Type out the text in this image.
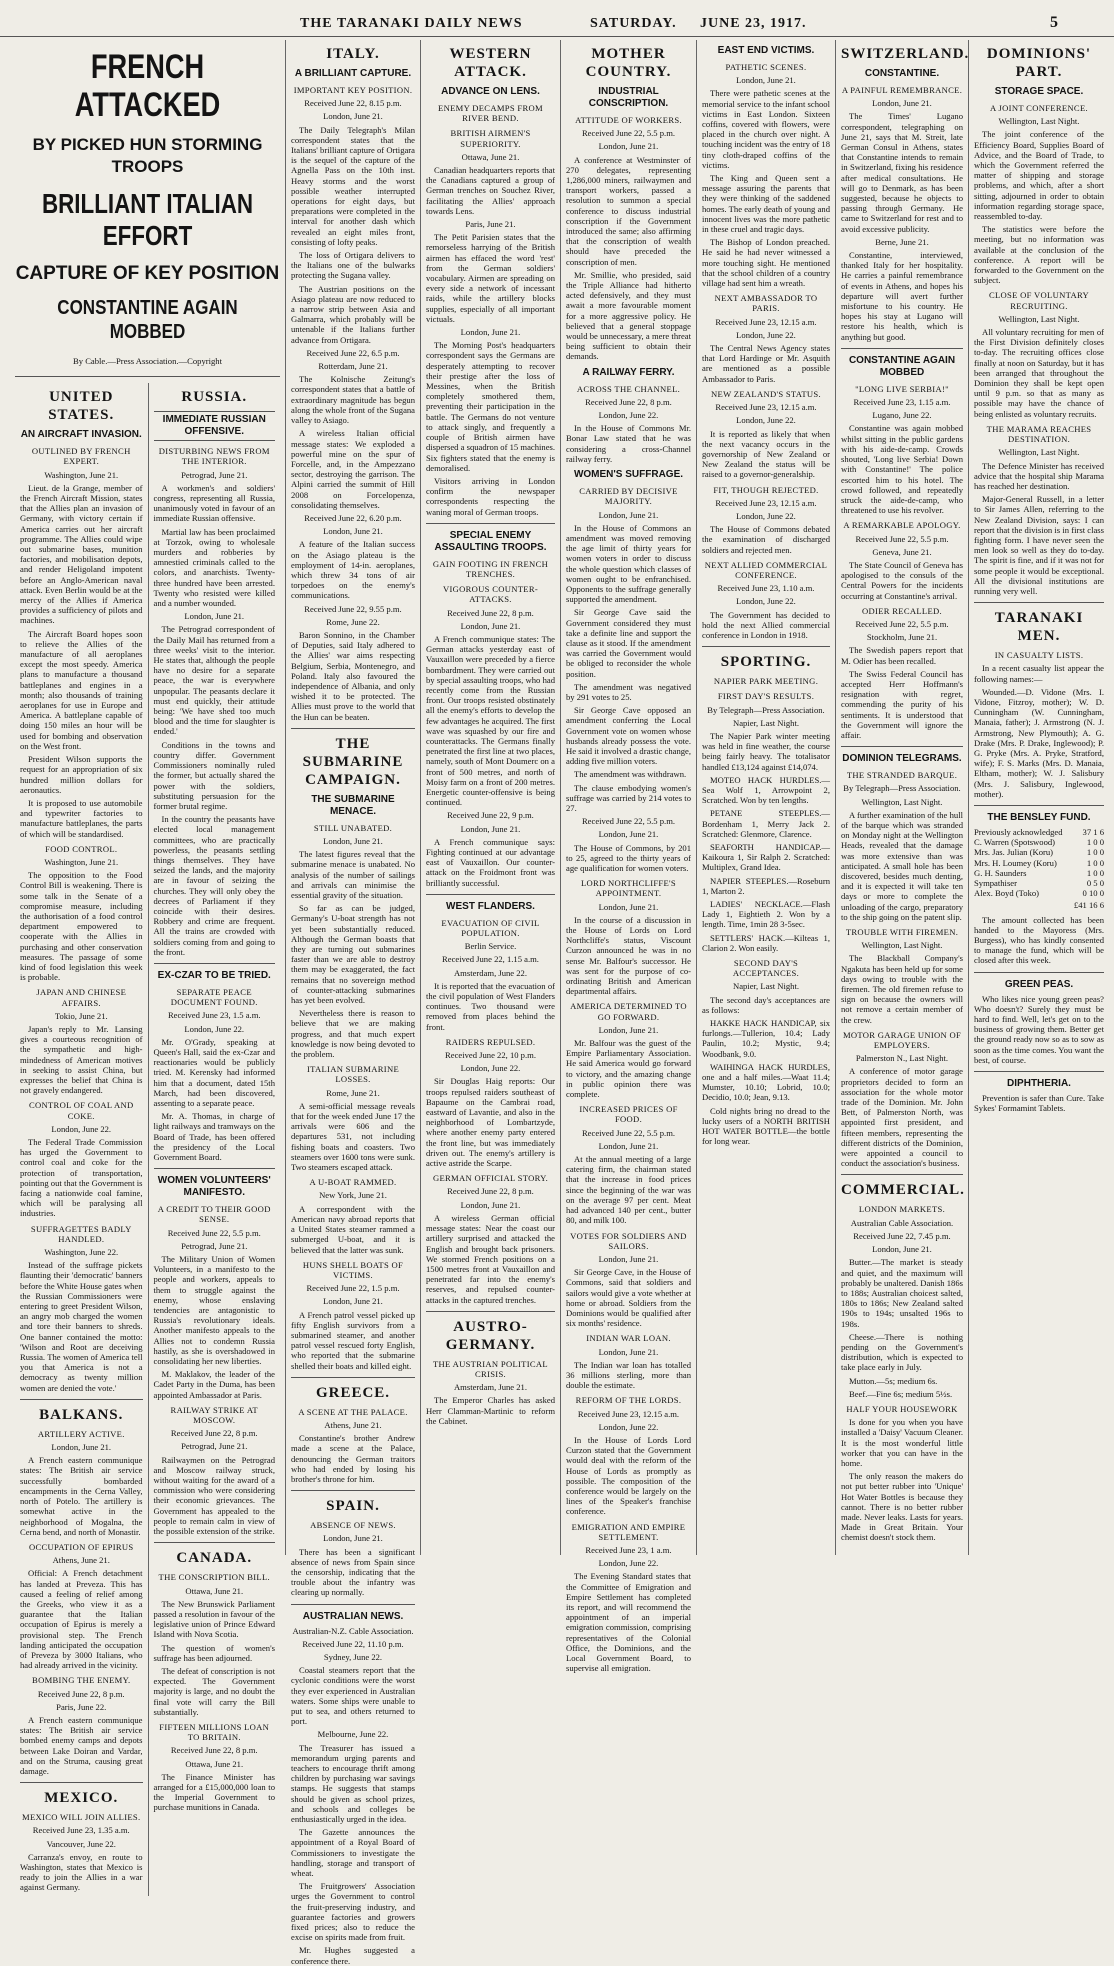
THE TARANAKI DAILY NEWS	SATURDAY. JUNE 23, 1917.	5
FRENCH ATTACKED
BY PICKED HUN STORMING TROOPS
BRILLIANT ITALIAN EFFORT
CAPTURE OF KEY POSITION
CONSTANTINE AGAIN MOBBED
By Cable.—Press Association.—Copyright
UNITED STATES.
AN AIRCRAFT INVASION.
OUTLINED BY FRENCH EXPERT.
Washington, June 21.

Lieut. de la Grange, member of the French Aircraft Mission, states that the Allies plan an invasion of Germany, with victory certain if America carries out her aircraft programme. The Allies could wipe out submarine bases, munition factories, and mobilisation depots, and render Heligoland impotent before an Anglo-American naval attack. Even Berlin would be at the mercy of the Allies if America provides a sufficiency of pilots and machines.

The Aircraft Board hopes soon to relieve the Allies of the manufacture of all aeroplanes except the most speedy. America plans to manufacture a thousand battleplanes and engines in a month; also thousands of training aeroplanes for use in Europe and America. A battleplane capable of doing 150 miles an hour will be used for bombing and observation on the West front.

President Wilson supports the request for an appropriation of six hundred million dollars for aeronautics.

It is proposed to use automobile and typewriter factories to manufacture battleplanes, the parts of which will be standardised.

FOOD CONTROL.
Washington, June 21.

The opposition to the Food Control Bill is weakening. There is some talk in the Senate of a compromise measure, including the authorisation of a food control department empowered to cooperate with the Allies in purchasing and other conservation measures. The passage of some kind of food legislation this week is probable.

JAPAN AND CHINESE AFFAIRS.
Tokio, June 21.

Japan's reply to Mr. Lansing gives a courteous recognition of the sympathetic and high-mindedness of American motives in seeking to assist China, but expresses the belief that China is not gravely endangered.

CONTROL OF COAL AND COKE.
London, June 22.

The Federal Trade Commission has urged the Government to control coal and coke for the protection of transportation, pointing out that the Government is facing a nationwide coal famine, which will be paralysing all industries.

SUFFRAGETTES BADLY HANDLED.
Washington, June 22.

Instead of the suffrage pickets flaunting their 'democratic' banners before the White House gates when the Russian Commissioners were entering to greet President Wilson, an angry mob charged the women and tore their banners to shreds. One banner contained the motto: 'Wilson and Root are deceiving Russia. The women of America tell you that America is not a democracy as twenty million women are denied the vote.'

BALKANS.
ARTILLERY ACTIVE.
London, June 21.

A French eastern communique states: The British air service successfully bombarded encampments in the Cerna Valley, north of Potelo. The artillery is somewhat active in the neighborhood of Mogalna, the Cerna bend, and north of Monastir.

OCCUPATION OF EPIRUS
Athens, June 21.

Official: A French detachment has landed at Preveza. This has caused a feeling of relief among the Greeks, who view it as a guarantee that the Italian occupation of Epirus is merely a provisional step. The French landing anticipated the occupation of Preveza by 3000 Italians, who had already arrived in the vicinity.

BOMBING THE ENEMY.
Received June 22, 8 p.m.
Paris, June 22.

A French eastern communique states: The British air service bombed enemy camps and depots between Lake Doiran and Vardar, and on the Struma, causing great damage.

MEXICO.
MEXICO WILL JOIN ALLIES.
Received June 23, 1.35 a.m.
Vancouver, June 22.

Carranza's envoy, en route to Washington, states that Mexico is ready to join the Allies in a war against Germany.

RUSSIA.
IMMEDIATE RUSSIAN OFFENSIVE.
DISTURBING NEWS FROM THE INTERIOR.
Petrograd, June 21.

A workmen's and soldiers' congress, representing all Russia, unanimously voted in favour of an immediate Russian offensive.

Martial law has been proclaimed at Torzok, owing to wholesale murders and robberies by amnestied criminals called to the colors, and anarchists. Twenty-three hundred have been arrested. Twenty who resisted were killed and a number wounded.

London, June 21.

The Petrograd correspondent of the Daily Mail has returned from a three weeks' visit to the interior. He states that, although the people have no desire for a separate peace, the war is everywhere unpopular. The peasants declare it must end quickly, their attitude being: 'We have shed too much blood and the time for slaughter is ended.'

Conditions in the towns and country differ. Government Commissioners nominally ruled the former, but actually shared the power with the soldiers, substituting persuasion for the former brutal regime.

In the country the peasants have elected local management committees, who are practically powerless, the peasants settling things themselves. They have seized the lands, and the majority are in favour of seizing the churches. They will only obey the decrees of Parliament if they coincide with their desires. Robbery and crime are frequent. All the trains are crowded with soldiers coming from and going to the front.

EX-CZAR TO BE TRIED.
SEPARATE PEACE DOCUMENT FOUND.
Received June 23, 1.5 a.m.
London, June 22.

Mr. O'Grady, speaking at Queen's Hall, said the ex-Czar and reactionaries would be publicly tried. M. Kerensky had informed him that a document, dated 15th March, had been discovered, assenting to a separate peace.

Mr. A. Thomas, in charge of light railways and tramways on the Board of Trade, has been offered the presidency of the Local Government Board.

WOMEN VOLUNTEERS' MANIFESTO.
A CREDIT TO THEIR GOOD SENSE.
Received June 22, 5.5 p.m.
Petrograd, June 21.

The Military Union of Women Volunteers, in a manifesto to the people and workers, appeals to them to struggle against the enemy, whose enslaving tendencies are antagonistic to Russia's revolutionary ideals. Another manifesto appeals to the Allies not to condemn Russia hastily, as she is overshadowed in consolidating her new liberties.

M. Maklakov, the leader of the Cadet Party in the Duma, has been appointed Ambassador at Paris.

RAILWAY STRIKE AT MOSCOW.
Received June 22, 8 p.m.
Petrograd, June 21.

Railwaymen on the Petrograd and Moscow railway struck, without waiting for the award of a commission who were considering their economic grievances. The Government has appealed to the people to remain calm in view of the possible extension of the strike.

CANADA.
THE CONSCRIPTION BILL.
Ottawa, June 21.

The New Brunswick Parliament passed a resolution in favour of the legislative union of Prince Edward Island with Nova Scotia.

The question of women's suffrage has been adjourned.

The defeat of conscription is not expected. The Government majority is large, and no doubt the final vote will carry the Bill substantially.

FIFTEEN MILLIONS LOAN TO BRITAIN.
Received June 22, 8 p.m.
Ottawa, June 21.

The Finance Minister has arranged for a £15,000,000 loan to the Imperial Government to purchase munitions in Canada.

ITALY.
A BRILLIANT CAPTURE.
IMPORTANT KEY POSITION.
Received June 22, 8.15 p.m.
London, June 21.

The Daily Telegraph's Milan correspondent states that the Italians' brilliant capture of Ortigara is the sequel of the capture of the Agnella Pass on the 10th inst. Heavy storms and the worst possible weather interrupted operations for eight days, but preparations were completed in the interval for another dash which revealed an eight miles front, consisting of lofty peaks.

The loss of Ortigara delivers to the Italians one of the bulwarks protecting the Sugana valley.

The Austrian positions on the Asiago plateau are now reduced to a narrow strip between Asia and Galmarra, which probably will be untenable if the Italians further advance from Ortigara.

Received June 22, 6.5 p.m.
Rotterdam, June 21.

The Kolnische Zeitung's correspondent states that a battle of extraordinary magnitude has begun along the whole front of the Sugana valley to Asiago.

A wireless Italian official message states: We exploded a powerful mine on the spur of Forcelle, and, in the Ampezzano sector, destroying the garrison. The Alpini carried the summit of Hill 2008 on Forcelopenza, consolidating themselves.

Received June 22, 6.20 p.m.
London, June 21.

A feature of the Italian success on the Asiago plateau is the employment of 14-in. aeroplanes, which threw 34 tons of air torpedoes on the enemy's communications.

Received June 22, 9.55 p.m.
Rome, June 22.

Baron Sonnino, in the Chamber of Deputies, said Italy adhered to the Allies' war aims respecting Belgium, Serbia, Montenegro, and Poland. Italy also favoured the independence of Albania, and only wished it to be protected. The Allies must prove to the world that the Hun can be beaten.

THE SUBMARINE CAMPAIGN.
THE SUBMARINE MENACE.
STILL UNABATED.
London, June 21.

The latest figures reveal that the submarine menace is unabated. No analysis of the number of sailings and arrivals can minimise the essential gravity of the situation.

So far as can be judged, Germany's U-boat strength has not yet been substantially reduced. Although the German boasts that they are turning out submarines faster than we are able to destroy them may be exaggerated, the fact remains that no sovereign method of counter-attacking submarines has yet been evolved.

Nevertheless there is reason to believe that we are making progress, and that much expert knowledge is now being devoted to the problem.

ITALIAN SUBMARINE LOSSES.
Rome, June 21.

A semi-official message reveals that for the week ended June 17 the arrivals were 606 and the departures 531, not including fishing boats and coasters. Two steamers over 1600 tons were sunk. Two steamers escaped attack.

A U-BOAT RAMMED.
New York, June 21.

A correspondent with the American navy abroad reports that a United States steamer rammed a submerged U-boat, and it is believed that the latter was sunk.

HUNS SHELL BOATS OF VICTIMS.
Received June 22, 1.5 p.m.
London, June 21.

A French patrol vessel picked up fifty English survivors from a submarined steamer, and another patrol vessel rescued forty English, who reported that the submarine shelled their boats and killed eight.

GREECE.
A SCENE AT THE PALACE.
Athens, June 21.

Constantine's brother Andrew made a scene at the Palace, denouncing the German traitors who had ended by losing his brother's throne for him.

SPAIN.
ABSENCE OF NEWS.
London, June 21.

There has been a significant absence of news from Spain since the censorship, indicating that the trouble about the infantry was clearing up normally.

AUSTRALIAN NEWS.
Australian-N.Z. Cable Association.
Received June 22, 11.10 p.m.
Sydney, June 22.

Coastal steamers report that the cyclonic conditions were the worst they ever experienced in Australian waters. Some ships were unable to put to sea, and others returned to port.

Melbourne, June 22.

The Treasurer has issued a memorandum urging parents and teachers to encourage thrift among children by purchasing war savings stamps. He suggests that stamps should be given as school prizes, and schools and colleges be enthusiastically urged in the idea.

The Gazette announces the appointment of a Royal Board of Commissioners to investigate the handling, storage and transport of wheat.

The Fruitgrowers' Association urges the Government to control the fruit-preserving industry, and guarantee factories and growers fixed prices; also to reduce the excise on spirits made from fruit.

Mr. Hughes suggested a conference there.

WESTERN ATTACK.
ADVANCE ON LENS.
ENEMY DECAMPS FROM RIVER BEND.
BRITISH AIRMEN'S SUPERIORITY.
Ottawa, June 21.

Canadian headquarters reports that the Canadians captured a group of German trenches on Souchez River, facilitating the Allies' approach towards Lens.

Paris, June 21.

The Petit Parisien states that the remorseless harrying of the British airmen has effaced the word 'rest' from the German soldiers' vocabulary. Airmen are spreading on every side a network of incessant raids, while the artillery blocks supplies, especially of all important victuals.

London, June 21.

The Morning Post's headquarters correspondent says the Germans are desperately attempting to recover their prestige after the loss of Messines, when the British completely smothered them, preventing their participation in the battle. The Germans do not venture to attack singly, and frequently a couple of British airmen have dispersed a squadron of 15 machines. Six fighters stated that the enemy is demoralised.

Visitors arriving in London confirm the newspaper correspondents respecting the waning moral of German troops.

SPECIAL ENEMY ASSAULTING TROOPS.
GAIN FOOTING IN FRENCH TRENCHES.
VIGOROUS COUNTER-ATTACKS.
Received June 22, 8 p.m.
London, June 21.

A French communique states: The German attacks yesterday east of Vauxaillon were preceded by a fierce bombardment. They were carried out by special assaulting troops, who had recently come from the Russian front. Our troops resisted obstinately all the enemy's efforts to develop the few advantages he acquired. The first wave was squashed by our fire and counterattacks. The Germans finally penetrated the first line at two places, namely, south of Mont Doumerc on a front of 500 metres, and north of Moisy farm on a front of 200 metres. Energetic counter-offensive is being continued.

Received June 22, 9 p.m.
London, June 21.

A French communique says: Fighting continued at our advantage east of Vauxaillon. Our counter-attack on the Froidmont front was brilliantly successful.

WEST FLANDERS.
EVACUATION OF CIVIL POPULATION.
Berlin Service.
Received June 22, 1.15 a.m.
Amsterdam, June 22.

It is reported that the evacuation of the civil population of West Flanders continues. Two thousand were removed from places behind the front.

RAIDERS REPULSED.
Received June 22, 10 p.m.
London, June 22.

Sir Douglas Haig reports: Our troops repulsed raiders southeast of Bapaume on the Cambrai road, eastward of Lavantie, and also in the neighborhood of Lombartzyde, where another enemy party entered the front line, but was immediately driven out. The enemy's artillery is active astride the Scarpe.

GERMAN OFFICIAL STORY.
Received June 22, 8 p.m.
London, June 21.

A wireless German official message states: Near the coast our artillery surprised and attacked the English and brought back prisoners. We stormed French positions on a 1500 metres front at Vauxaillon and penetrated far into the enemy's reserves, and repulsed counter-attacks in the captured trenches.

AUSTRO-GERMANY.
THE AUSTRIAN POLITICAL CRISIS.
Amsterdam, June 21.

The Emperor Charles has asked Herr Clamman-Martinic to reform the Cabinet.

MOTHER COUNTRY.
INDUSTRIAL CONSCRIPTION.
ATTITUDE OF WORKERS.
Received June 22, 5.5 p.m.
London, June 21.

A conference at Westminster of 270 delegates, representing 1,286,000 miners, railwaymen and transport workers, passed a resolution to summon a special conference to discuss industrial conscription if the Government introduced the same; also affirming that the conscription of wealth should have preceded the conscription of men.

Mr. Smillie, who presided, said the Triple Alliance had hitherto acted defensively, and they must await a more favourable moment for a more aggressive policy. He believed that a general stoppage would be unnecessary, a mere threat being sufficient to obtain their demands.

A RAILWAY FERRY.
ACROSS THE CHANNEL.
Received June 22, 8 p.m.
London, June 22.

In the House of Commons Mr. Bonar Law stated that he was considering a cross-Channel railway ferry.

WOMEN'S SUFFRAGE.
CARRIED BY DECISIVE MAJORITY.
London, June 21.

In the House of Commons an amendment was moved removing the age limit of thirty years for women voters in order to discuss the whole question which classes of women ought to be enfranchised. Opponents to the suffrage generally supported the amendment.

Sir George Cave said the Government considered they must take a definite line and support the clause as it stood. If the amendment was carried the Government would be obliged to reconsider the whole position.

The amendment was negatived by 291 votes to 25.

Sir George Cave opposed an amendment conferring the Local Government vote on women whose husbands already possess the vote. He said it involved a drastic change, adding five million voters.

The amendment was withdrawn.

The clause embodying women's suffrage was carried by 214 votes to 27.

Received June 22, 5.5 p.m.
London, June 21.

The House of Commons, by 201 to 25, agreed to the thirty years of age qualification for women voters.

LORD NORTHCLIFFE'S APPOINTMENT.
London, June 21.

In the course of a discussion in the House of Lords on Lord Northcliffe's status, Viscount Curzon announced he was in no sense Mr. Balfour's successor. He was sent for the purpose of co-ordinating British and American departmental affairs.

AMERICA DETERMINED TO GO FORWARD.
London, June 21.

Mr. Balfour was the guest of the Empire Parliamentary Association. He said America would go forward to victory, and the amazing change in public opinion there was complete.

INCREASED PRICES OF FOOD.
Received June 22, 5.5 p.m.
London, June 21.

At the annual meeting of a large catering firm, the chairman stated that the increase in food prices since the beginning of the war was on the average 97 per cent. Meat had advanced 140 per cent., butter 80, and milk 100.

VOTES FOR SOLDIERS AND SAILORS.
London, June 21.

Sir George Cave, in the House of Commons, said that soldiers and sailors would give a vote whether at home or abroad. Soldiers from the Dominions would be qualified after six months' residence.

INDIAN WAR LOAN.
London, June 21.

The Indian war loan has totalled 36 millions sterling, more than double the estimate.

REFORM OF THE LORDS.
Received June 23, 12.15 a.m.
London, June 22.

In the House of Lords Lord Curzon stated that the Government would deal with the reform of the House of Lords as promptly as possible. The composition of the conference would be largely on the lines of the Speaker's franchise conference.

EMIGRATION AND EMPIRE SETTLEMENT.
Received June 23, 1 a.m.
London, June 22.

The Evening Standard states that the Committee of Emigration and Empire Settlement has completed its report, and will recommend the appointment of an imperial emigration commission, comprising representatives of the Colonial Office, the Dominions, and the Local Government Board, to supervise all emigration.

EAST END VICTIMS.
PATHETIC SCENES.
London, June 21.

There were pathetic scenes at the memorial service to the infant school victims in East London. Sixteen coffins, covered with flowers, were placed in the church over night. A touching incident was the entry of 18 tiny cloth-draped coffins of the victims.

The King and Queen sent a message assuring the parents that they were thinking of the saddened homes. The early death of young and innocent lives was the more pathetic in these cruel and tragic days.

The Bishop of London preached. He said he had never witnessed a more touching sight. He mentioned that the school children of a country village had sent him a wreath.

NEXT AMBASSADOR TO PARIS.
Received June 23, 12.15 a.m.
London, June 22.

The Central News Agency states that Lord Hardinge or Mr. Asquith are mentioned as a possible Ambassador to Paris.

NEW ZEALAND'S STATUS.
Received June 23, 12.15 a.m.
London, June 22.

It is reported as likely that when the next vacancy occurs in the governorship of New Zealand or New Zealand the status will be raised to a governor-generalship.

FIT, THOUGH REJECTED.
Received June 23, 12.15 a.m.
London, June 22.

The House of Commons debated the examination of discharged soldiers and rejected men.

NEXT ALLIED COMMERCIAL CONFERENCE.
Received June 23, 1.10 a.m.
London, June 22.

The Government has decided to hold the next Allied commercial conference in London in 1918.

SPORTING.
NAPIER PARK MEETING.
FIRST DAY'S RESULTS.
By Telegraph—Press Association.
Napier, Last Night.

The Napier Park winter meeting was held in fine weather, the course being fairly heavy. The totalisator handled £13,124 against £14,074.

MOTEO HACK HURDLES.—Sea Wolf 1, Arrowpoint 2, Scratched. Won by ten lengths.

PETANE STEEPLES.—Bordenham 1, Merry Jack 2. Scratched: Glenmore, Clarence.

SEAFORTH HANDICAP.—Kaikoura 1, Sir Ralph 2. Scratched: Multiplex, Grand Idea.

NAPIER STEEPLES.—Roseburn 1, Marton 2.

LADIES' NECKLACE.—Flash Lady 1, Eightieth 2. Won by a length. Time, 1min 28 3-5sec.

SETTLERS' HACK.—Kilteas 1, Clarion 2. Won easily.

SECOND DAY'S ACCEPTANCES.
Napier, Last Night.

The second day's acceptances are as follows:

HAKKE HACK HANDICAP, six furlongs.—Tullerion, 10.4; Lady Paulin, 10.2; Mystic, 9.4; Woodbank, 9.0.

WAIHINGA HACK HURDLES, one and a half miles.—Waat 11.4; Mumster, 10.10; Lobrid, 10.0; Decidio, 10.0; Jean, 9.13.

Cold nights bring no dread to the lucky users of a NORTH BRITISH HOT WATER BOTTLE—the bottle for long wear.

SWITZERLAND.
CONSTANTINE.
A PAINFUL REMEMBRANCE.
London, June 21.

The Times' Lugano correspondent, telegraphing on June 21, says that M. Streit, late German Consul in Athens, states that Constantine intends to remain in Switzerland, fixing his residence after medical consultations. He will go to Denmark, as has been suggested, because he objects to passing through Germany. He came to Switzerland for rest and to avoid excessive publicity.

Berne, June 21.

Constantine, interviewed, thanked Italy for her hospitality. He carries a painful remembrance of events in Athens, and hopes his departure will avert further misfortune to his country. He hopes his stay at Lugano will restore his health, which is anything but good.

CONSTANTINE AGAIN MOBBED
"LONG LIVE SERBIA!"
Received June 23, 1.15 a.m.
Lugano, June 22.

Constantine was again mobbed whilst sitting in the public gardens with his aide-de-camp. Crowds shouted, 'Long live Serbia! Down with Constantine!' The police escorted him to his hotel. The crowd followed, and repeatedly struck the aide-de-camp, who threatened to use his revolver.

A REMARKABLE APOLOGY.
Received June 22, 5.5 p.m.
Geneva, June 21.

The State Council of Geneva has apologised to the consuls of the Central Powers for the incidents occurring at Constantine's arrival.

ODIER RECALLED.
Received June 22, 5.5 p.m.
Stockholm, June 21.

The Swedish papers report that M. Odier has been recalled.

The Swiss Federal Council has accepted Herr Hoffmann's resignation with regret, commending the purity of his sentiments. It is understood that the Government will ignore the affair.

DOMINION TELEGRAMS.
THE STRANDED BARQUE.
By Telegraph—Press Association.
Wellington, Last Night.

A further examination of the hull of the barque which was stranded on Monday night at the Wellington Heads, revealed that the damage was more extensive than was anticipated. A small hole has been discovered, besides much denting, and it is expected it will take ten days or more to complete the unloading of the cargo, preparatory to the ship going on the patent slip.

TROUBLE WITH FIREMEN.
Wellington, Last Night.

The Blackball Company's Ngakuta has been held up for some days owing to trouble with the firemen. The old firemen refuse to sign on because the owners will not remove a certain member of the crew.

MOTOR GARAGE UNION OF EMPLOYERS.
Palmerston N., Last Night.

A conference of motor garage proprietors decided to form an association for the whole motor trade of the Dominion. Mr. John Bett, of Palmerston North, was appointed first president, and fifteen members, representing the different districts of the Dominion, were appointed a council to conduct the association's business.

COMMERCIAL.
LONDON MARKETS.
Australian Cable Association.
Received June 22, 7.45 p.m.
London, June 21.

Butter.—The market is steady and quiet, and the maximum will probably be unaltered. Danish 186s to 188s; Australian choicest salted, 180s to 186s; New Zealand salted 190s to 194s; unsalted 196s to 198s.

Cheese.—There is nothing pending on the Government's distribution, which is expected to take place early in July.

Mutton.—5s; medium 6s.

Beef.—Fine 6s; medium 5½s.

HALF YOUR HOUSEWORK

Is done for you when you have installed a 'Daisy' Vacuum Cleaner. It is the most wonderful little worker that you can have in the home.

The only reason the makers do not put better rubber into 'Unique' Hot Water Bottles is because they cannot. There is no better rubber made. Never leaks. Lasts for years. Made in Great Britain. Your chemist doesn't stock them.

DOMINIONS' PART.
STORAGE SPACE.
A JOINT CONFERENCE.
Wellington, Last Night.

The joint conference of the Efficiency Board, Supplies Board of Advice, and the Board of Trade, to which the Government referred the matter of shipping and storage problems, and which, after a short sitting, adjourned in order to obtain information regarding storage space, reassembled to-day.

The statistics were before the meeting, but no information was available at the conclusion of the conference. A report will be forwarded to the Government on the subject.

CLOSE OF VOLUNTARY RECRUITING.
Wellington, Last Night.

All voluntary recruiting for men of the First Division definitely closes to-day. The recruiting offices close finally at noon on Saturday, but it has been arranged that throughout the Dominion they shall be kept open until 9 p.m. so that as many as possible may have the chance of being enlisted as voluntary recruits.

THE MARAMA REACHES DESTINATION.
Wellington, Last Night.

The Defence Minister has received advice that the hospital ship Marama has reached her destination.

Major-General Russell, in a letter to Sir James Allen, referring to the New Zealand Division, says: I can report that the division is in first class fighting form. I have never seen the men look so well as they do to-day. The spirit is fine, and if it was not for some people it would be exceptional. All the divisional institutions are running very well.

TARANAKI MEN.
IN CASUALTY LISTS.

In a recent casualty list appear the following names:—

Wounded.—D. Vidone (Mrs. I. Vidone, Fitzroy, mother); W. D. Cunningham (W. Cunningham, Manaia, father); J. Armstrong (N. J. Armstrong, New Plymouth); A. G. Drake (Mrs. P. Drake, Inglewood); P. G. Pryke (Mrs. A. Pryke, Stratford, wife); F. S. Marks (Mrs. D. Manaia, Eltham, mother); W. J. Salisbury (Mrs. J. Salisbury, Inglewood, mother).

THE BENSLEY FUND.
Previously acknowledged 37 1 6
C. Warren (Spotswood)	1 0 0
Mrs. Jas. Julian (Koru)	1 0 0
Mrs. H. Loumey (Koru)	1 0 0
G. H. Saunders	1 0 0
Sympathiser	0 5 0
Alex. Boyd (Toko)	0 10 0
£41 16 6

The amount collected has been handed to the Mayoress (Mrs. Burgess), who has kindly consented to manage the fund, which will be closed after this week.

GREEN PEAS.

Who likes nice young green peas? Who doesn't? Surely they must be hard to find. Well, let's get on to the business of growing them. Better get the ground ready now so as to sow as soon as the time comes. You want the best, of course.

DIPHTHERIA.

Prevention is safer than Cure. Take Sykes' Formamint Tablets.
